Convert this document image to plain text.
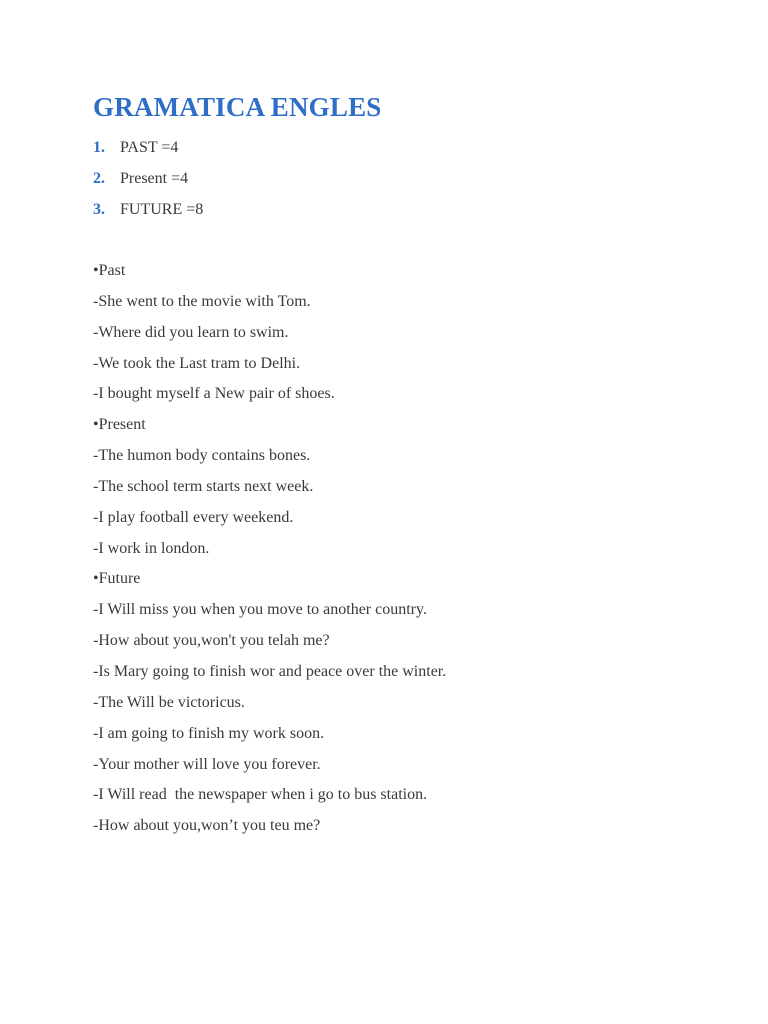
GRAMATICA ENGLES
1. PAST =4
2. Present =4
3. FUTURE =8
•Past
-She went to the movie with Tom.
-Where did you learn to swim.
-We took the Last tram to Delhi.
-I bought myself a New pair of shoes.
•Present
-The humon body contains bones.
-The school term starts next week.
-I play football every weekend.
-I work in london.
•Future
-I Will miss you when you move to another country.
-How about you,won't you telah me?
-Is Mary going to finish wor and peace over the winter.
-The Will be victoricus.
-I am going to finish my work soon.
-Your mother will love you forever.
-I Will read  the newspaper when i go to bus station.
-How about you,won’t you teu me?
